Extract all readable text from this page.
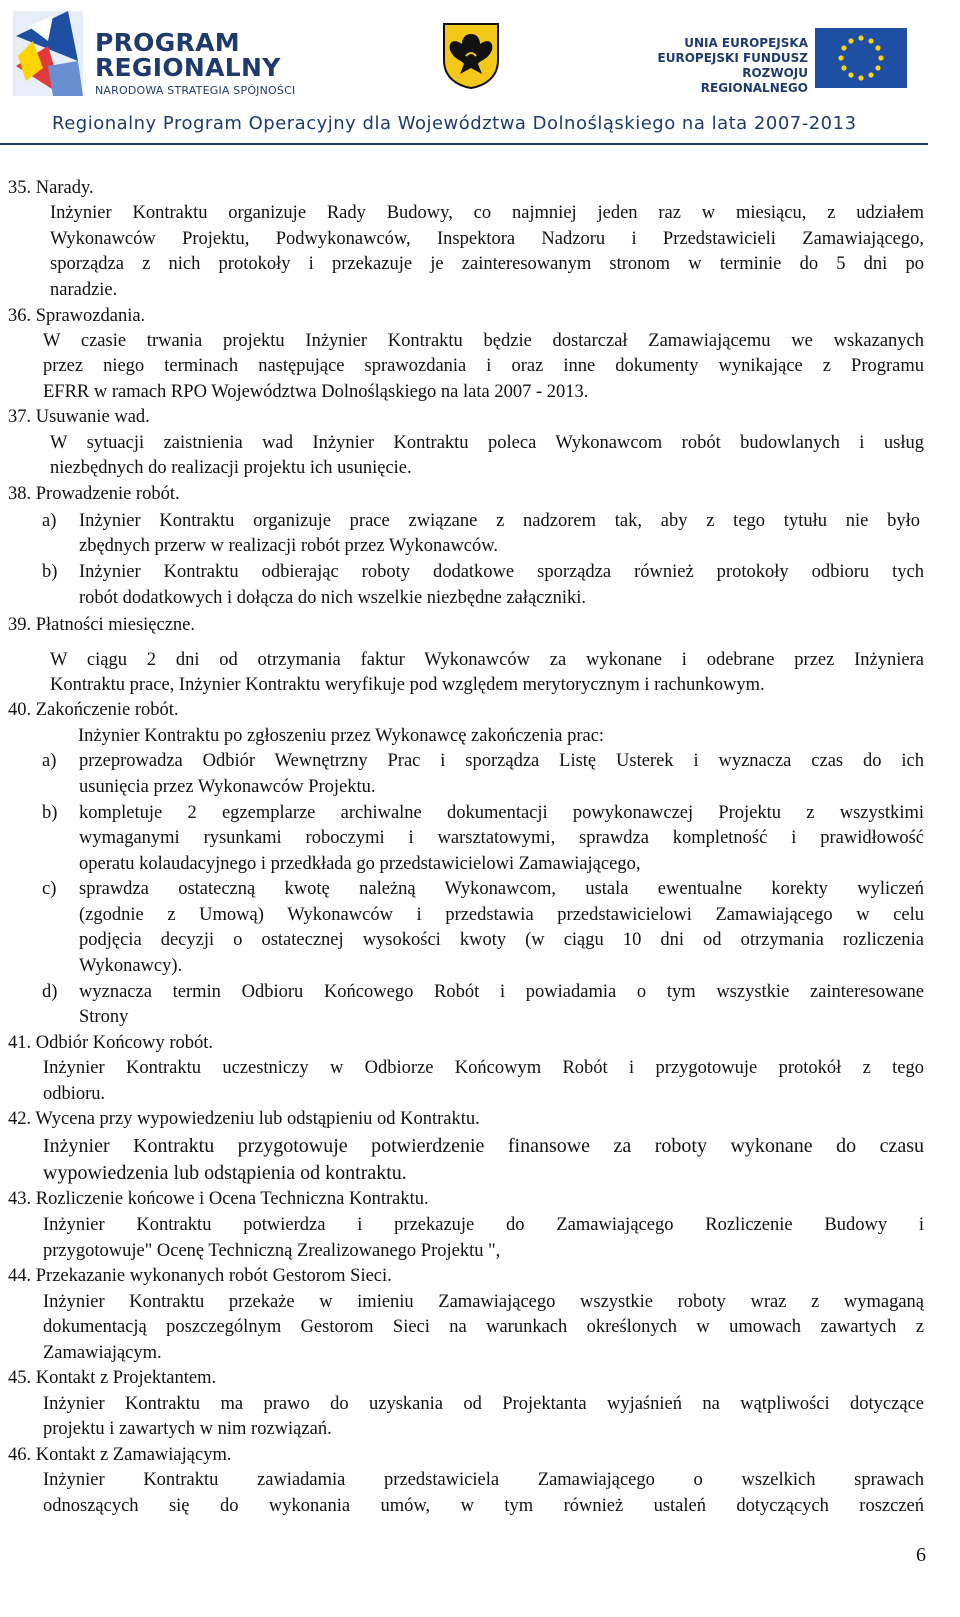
PROGRAM
REGIONALNY
NARODOWA STRATEGIA SPÓJNOŚCI
UNIA EUROPEJSKA
EUROPEJSKI FUNDUSZ
ROZWOJU REGIONALNEGO
Regionalny Program Operacyjny dla Województwa Dolnośląskiego na lata 2007-2013
35. Narady.
Inżynier Kontraktu organizuje Rady Budowy, co najmniej jeden raz w miesiącu, z udziałem
Wykonawców Projektu, Podwykonawców, Inspektora Nadzoru i Przedstawicieli Zamawiającego,
sporządza z nich protokoły i przekazuje je zainteresowanym stronom w terminie do 5 dni po
naradzie.
36. Sprawozdania.
W czasie trwania projektu Inżynier Kontraktu będzie dostarczał Zamawiającemu we wskazanych
przez niego terminach następujące sprawozdania i oraz inne dokumenty wynikające z Programu
EFRR w ramach RPO Województwa Dolnośląskiego na lata 2007 - 2013.
37. Usuwanie wad.
W sytuacji zaistnienia wad Inżynier Kontraktu poleca Wykonawcom robót budowlanych i usług
niezbędnych do realizacji projektu ich usunięcie.
38. Prowadzenie robót.
a) Inżynier Kontraktu organizuje prace związane z nadzorem tak, aby z tego tytułu nie było
zbędnych przerw w realizacji robót przez Wykonawców.
b) Inżynier Kontraktu odbierając roboty dodatkowe sporządza również protokoły odbioru tych
robót dodatkowych i dołącza do nich wszelkie niezbędne załączniki.
39. Płatności miesięczne.
W ciągu 2 dni od otrzymania faktur Wykonawców za wykonane i odebrane przez Inżyniera
Kontraktu prace, Inżynier Kontraktu weryfikuje pod względem merytorycznym i rachunkowym.
40. Zakończenie robót.
Inżynier Kontraktu po zgłoszeniu przez Wykonawcę zakończenia prac:
a) przeprowadza Odbiór Wewnętrzny Prac i sporządza Listę Usterek i wyznacza czas do ich
usunięcia przez Wykonawców Projektu.
b) kompletuje 2 egzemplarze archiwalne dokumentacji powykonawczej Projektu z wszystkimi
wymaganymi rysunkami roboczymi i warsztatowymi, sprawdza kompletność i prawidłowość
operatu kolaudacyjnego i przedkłada go przedstawicielowi Zamawiającego,
c) sprawdza ostateczną kwotę należną Wykonawcom, ustala ewentualne korekty wyliczeń
(zgodnie z Umową) Wykonawców i przedstawia przedstawicielowi Zamawiającego w celu
podjęcia decyzji o ostatecznej wysokości kwoty (w ciągu 10 dni od otrzymania rozliczenia
Wykonawcy).
d) wyznacza termin Odbioru Końcowego Robót i powiadamia o tym wszystkie zainteresowane
Strony
41. Odbiór Końcowy robót.
Inżynier Kontraktu uczestniczy w Odbiorze Końcowym Robót i przygotowuje protokół z tego
odbioru.
42. Wycena przy wypowiedzeniu lub odstąpieniu od Kontraktu.
Inżynier Kontraktu przygotowuje potwierdzenie finansowe za roboty wykonane do czasu
wypowiedzenia lub odstąpienia od kontraktu.
43. Rozliczenie końcowe i Ocena Techniczna Kontraktu.
Inżynier Kontraktu potwierdza i przekazuje do Zamawiającego Rozliczenie Budowy i
przygotowuje" Ocenę Techniczną Zrealizowanego Projektu ",
44. Przekazanie wykonanych robót Gestorom Sieci.
Inżynier Kontraktu przekaże w imieniu Zamawiającego wszystkie roboty wraz z wymaganą
dokumentacją poszczególnym Gestorom Sieci na warunkach określonych w umowach zawartych z
Zamawiającym.
45. Kontakt z Projektantem.
Inżynier Kontraktu ma prawo do uzyskania od Projektanta wyjaśnień na wątpliwości dotyczące
projektu i zawartych w nim rozwiązań.
46. Kontakt z Zamawiającym.
Inżynier Kontraktu zawiadamia przedstawiciela Zamawiającego o wszelkich sprawach
odnoszących się do wykonania umów, w tym również ustaleń dotyczących roszczeń
6
